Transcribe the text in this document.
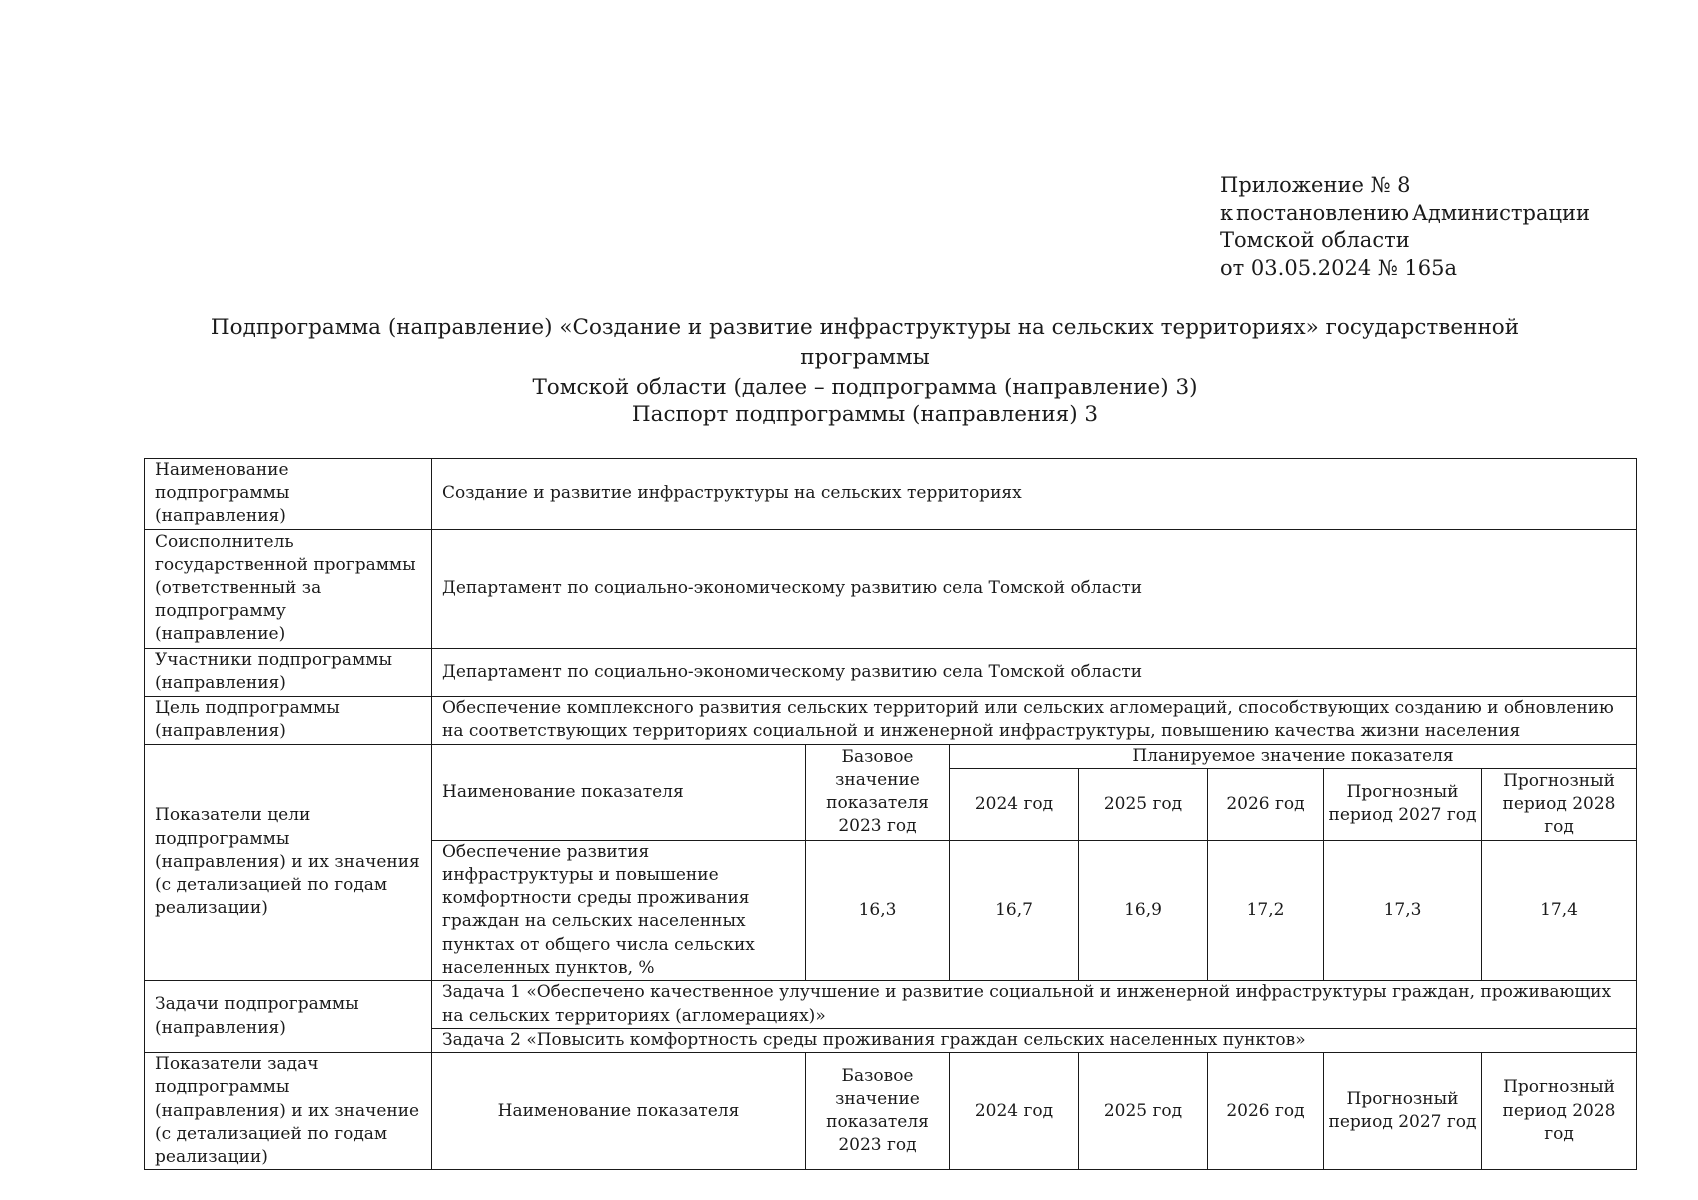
Приложение № 8
к постановлению Администрации
Томской области
от 03.05.2024 № 165а
Подпрограмма (направление) «Создание и развитие инфраструктуры на сельских территориях» государственной программы
Томской области (далее – подпрограмма (направление) 3)
Паспорт подпрограммы (направления) 3
Наименование подпрограммы (направления)	Создание и развитие инфраструктуры на сельских территориях						
Соисполнитель государственной программы (ответственный за подпрограмму (направление)	Департамент по социально-экономическому развитию села Томской области						
Участники подпрограммы (направления)	Департамент по социально-экономическому развитию села Томской области						
Цель подпрограммы (направления)	Обеспечение комплексного развития сельских территорий или сельских агломераций, способствующих созданию и обновлению на соответствующих территориях социальной и инженерной инфраструктуры, повышению качества жизни населения						
Показатели цели подпрограммы (направления) и их значения (с детализацией по годам реализации)	Наименование показателя	Базовое значение показателя 2023 год	Планируемое значение показателя				
			2024 год	2025 год	2026 год	Прогнозный период 2027 год	Прогнозный период 2028 год
	Обеспечение развития инфраструктуры и повышение комфортности среды проживания граждан на сельских населенных пунктах от общего числа сельских населенных пунктов, %	16,3	16,7	16,9	17,2	17,3	17,4
Задачи подпрограммы (направления)	Задача 1 «Обеспечено качественное улучшение и развитие социальной и инженерной инфраструктуры граждан, проживающих на сельских территориях (агломерациях)»						
	Задача 2 «Повысить комфортность среды проживания граждан сельских населенных пунктов»						
Показатели задач подпрограммы (направления) и их значение (с детализацией по годам реализации)	Наименование показателя	Базовое значение показателя 2023 год	2024 год	2025 год	2026 год	Прогнозный период 2027 год	Прогнозный период 2028 год
